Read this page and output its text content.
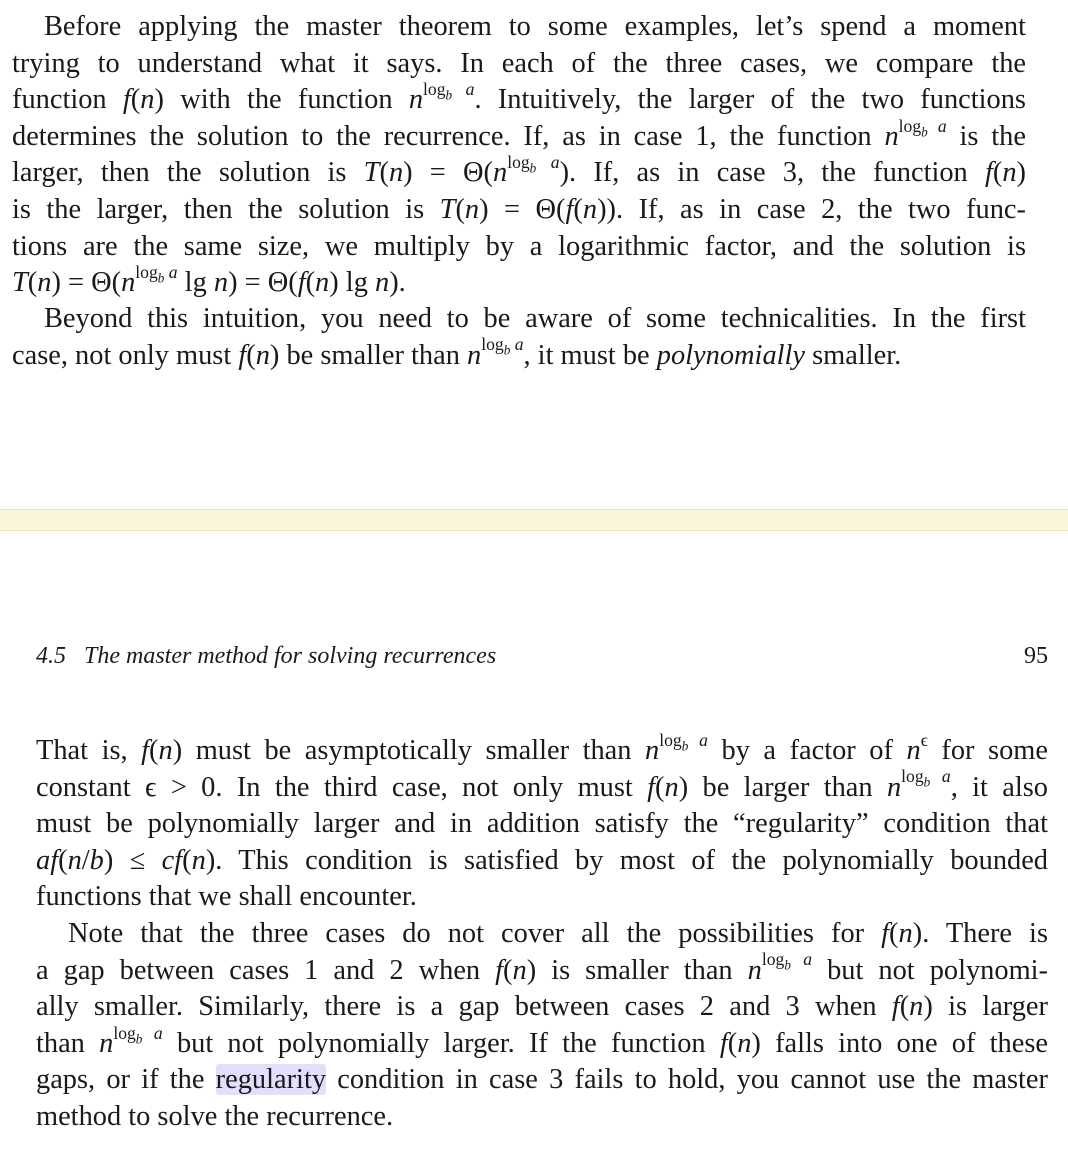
Before applying the master theorem to some examples, let’s spend a moment
trying to understand what it says. In each of the three cases, we compare the
function f(n) with the function $n^{log_b a}$. Intuitively, the larger of the two functions
determines the solution to the recurrence. If, as in case 1, the function $n^{log_b a}$ is the
larger, then the solution is $T(n) = \Theta(n^{log_b a})$. If, as in case 3, the function f(n)
is the larger, then the solution is T(n) = Θ(f(n)). If, as in case 2, the two func-
tions are the same size, we multiply by a logarithmic factor, and the solution is
$T(n) = \Theta(n^{log_b a}$ lg n) = Θ(f(n) lg n).
Beyond this intuition, you need to be aware of some technicalities. In the first
case, not only must f(n) be smaller than $n^{log_b a}$, it must be polynomially smaller.
4.5 The master method for solving recurrences	95
That is, f(n) must be asymptotically smaller than $n^{log_b a}$ by a factor of $n^\epsilon$ for some
constant ϵ > 0. In the third case, not only must f(n) be larger than $n^{log_b a}$, it also
must be polynomially larger and in addition satisfy the “regularity” condition that
af(n/b) ≤ cf(n). This condition is satisfied by most of the polynomially bounded
functions that we shall encounter.
Note that the three cases do not cover all the possibilities for f(n). There is
a gap between cases 1 and 2 when f(n) is smaller than $n^{log_b a}$ but not polynomi-
ally smaller. Similarly, there is a gap between cases 2 and 3 when f(n) is larger
than $n^{log_b a}$ but not polynomially larger. If the function f(n) falls into one of these
gaps, or if the regularity condition in case 3 fails to hold, you cannot use the master
method to solve the recurrence.
